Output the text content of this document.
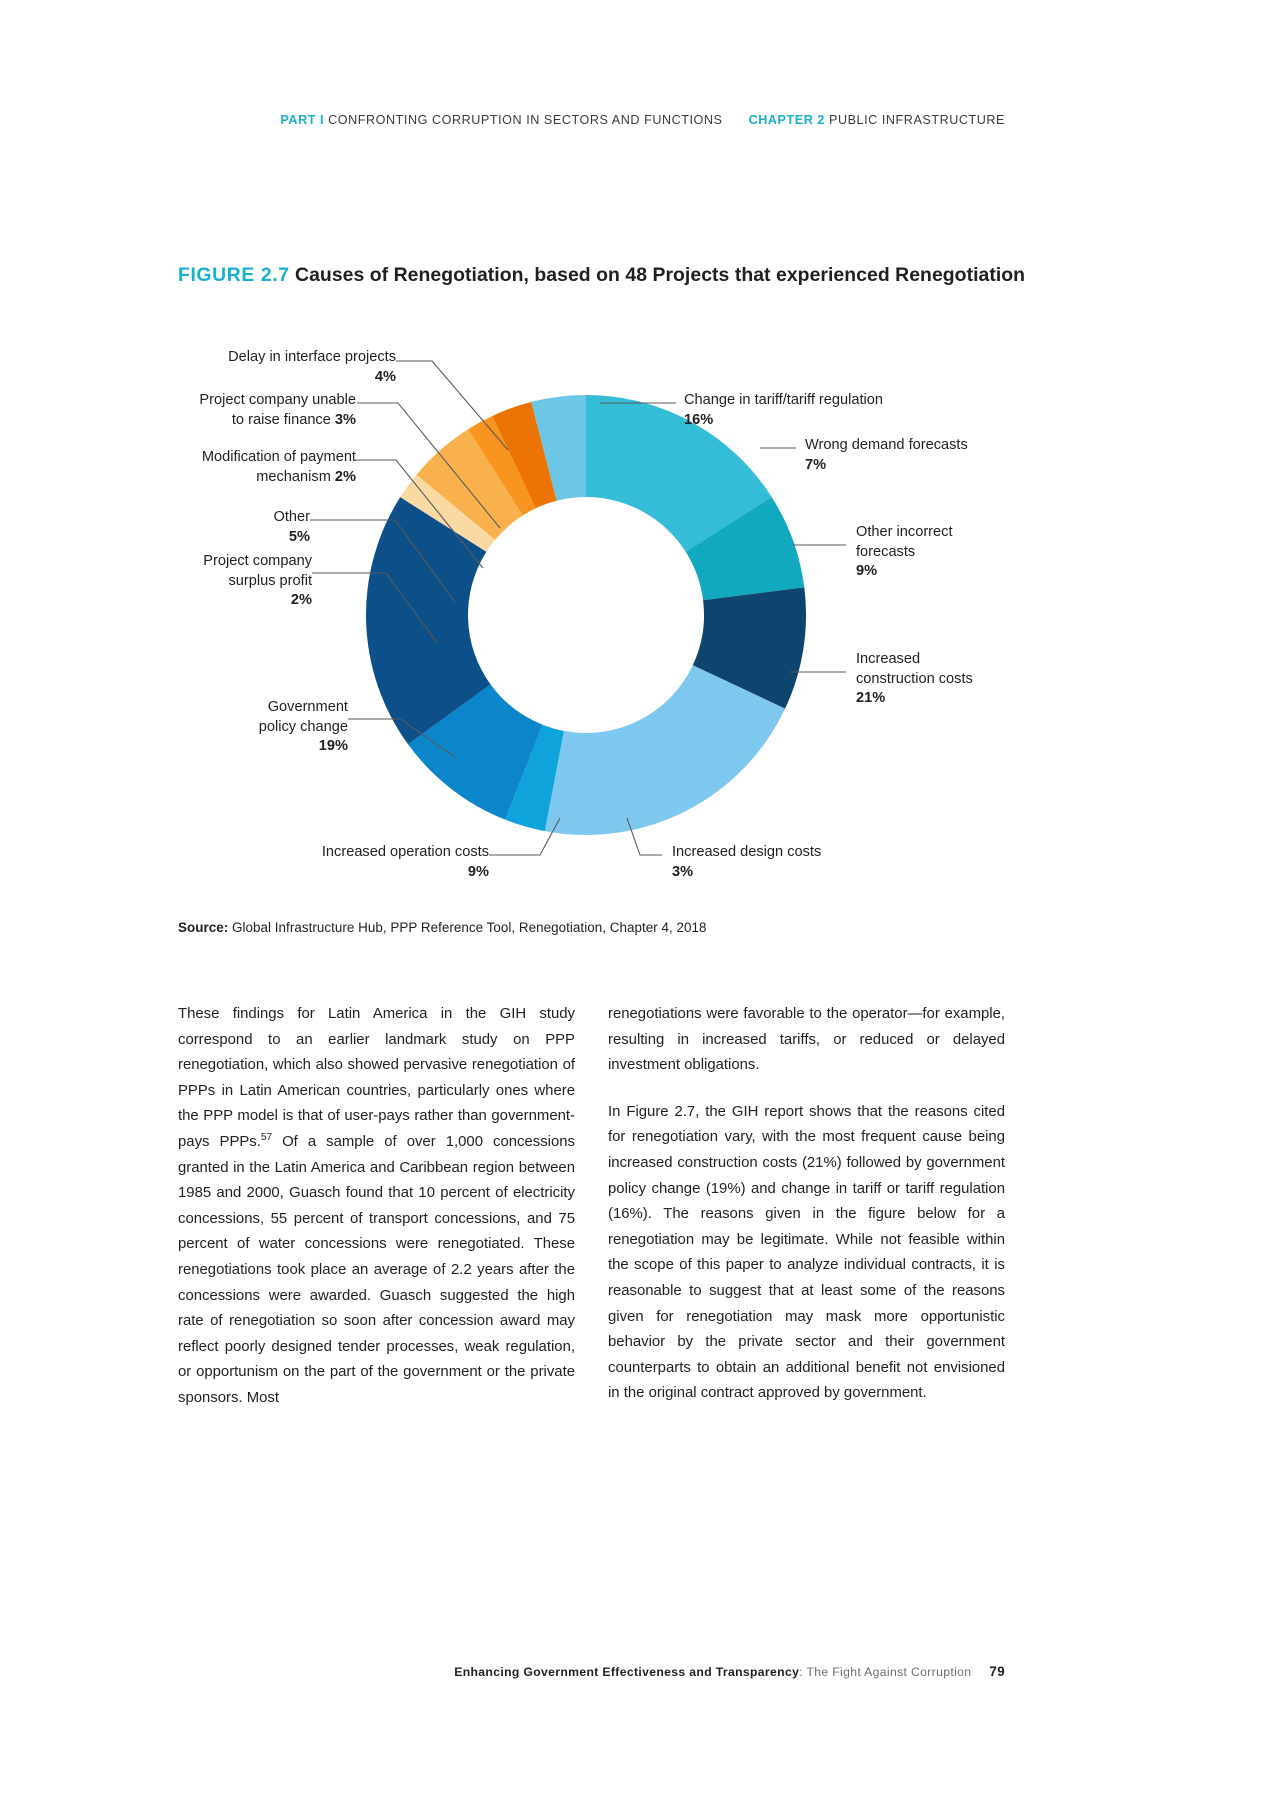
PART I CONFRONTING CORRUPTION IN SECTORS AND FUNCTIONS CHAPTER 2 PUBLIC INFRASTRUCTURE
FIGURE 2.7 Causes of Renegotiation, based on 48 Projects that experienced Renegotiation
Delay in interface projects
4%
Project company unable
to raise finance 3%
Modification of payment
mechanism 2%
Other
5%
Project company
surplus profit
2%
Government
policy change
19%
Increased operation costs
9%
Increased design costs
3%
Increased
construction costs
21%
Other incorrect
forecasts
9%
Wrong demand forecasts
7%
Change in tariff/tariff regulation
16%
Source: Global Infrastructure Hub, PPP Reference Tool, Renegotiation, Chapter 4, 2018

These findings for Latin America in the GIH study correspond to an earlier landmark study on PPP renegotiation, which also showed pervasive renegotiation of PPPs in Latin American countries, particularly ones where the PPP model is that of user-pays rather than government-pays PPPs.$^{57}$ Of a sample of over 1,000 concessions granted in the Latin America and Caribbean region between 1985 and 2000, Guasch found that 10 percent of electricity concessions, 55 percent of transport concessions, and 75 percent of water concessions were renegotiated. These renegotiations took place an average of 2.2 years after the concessions were awarded. Guasch suggested the high rate of renegotiation so soon after concession award may reflect poorly designed tender processes, weak regulation, or opportunism on the part of the government or the private sponsors. Most

renegotiations were favorable to the operator—for example, resulting in increased tariffs, or reduced or delayed investment obligations.

In Figure 2.7, the GIH report shows that the reasons cited for renegotiation vary, with the most frequent cause being increased construction costs (21%) followed by government policy change (19%) and change in tariff or tariff regulation (16%). The reasons given in the figure below for a renegotiation may be legitimate. While not feasible within the scope of this paper to analyze individual contracts, it is reasonable to suggest that at least some of the reasons given for renegotiation may mask more opportunistic behavior by the private sector and their government counterparts to obtain an additional benefit not envisioned in the original contract approved by government.

Enhancing Government Effectiveness and Transparency: The Fight Against Corruption 79
